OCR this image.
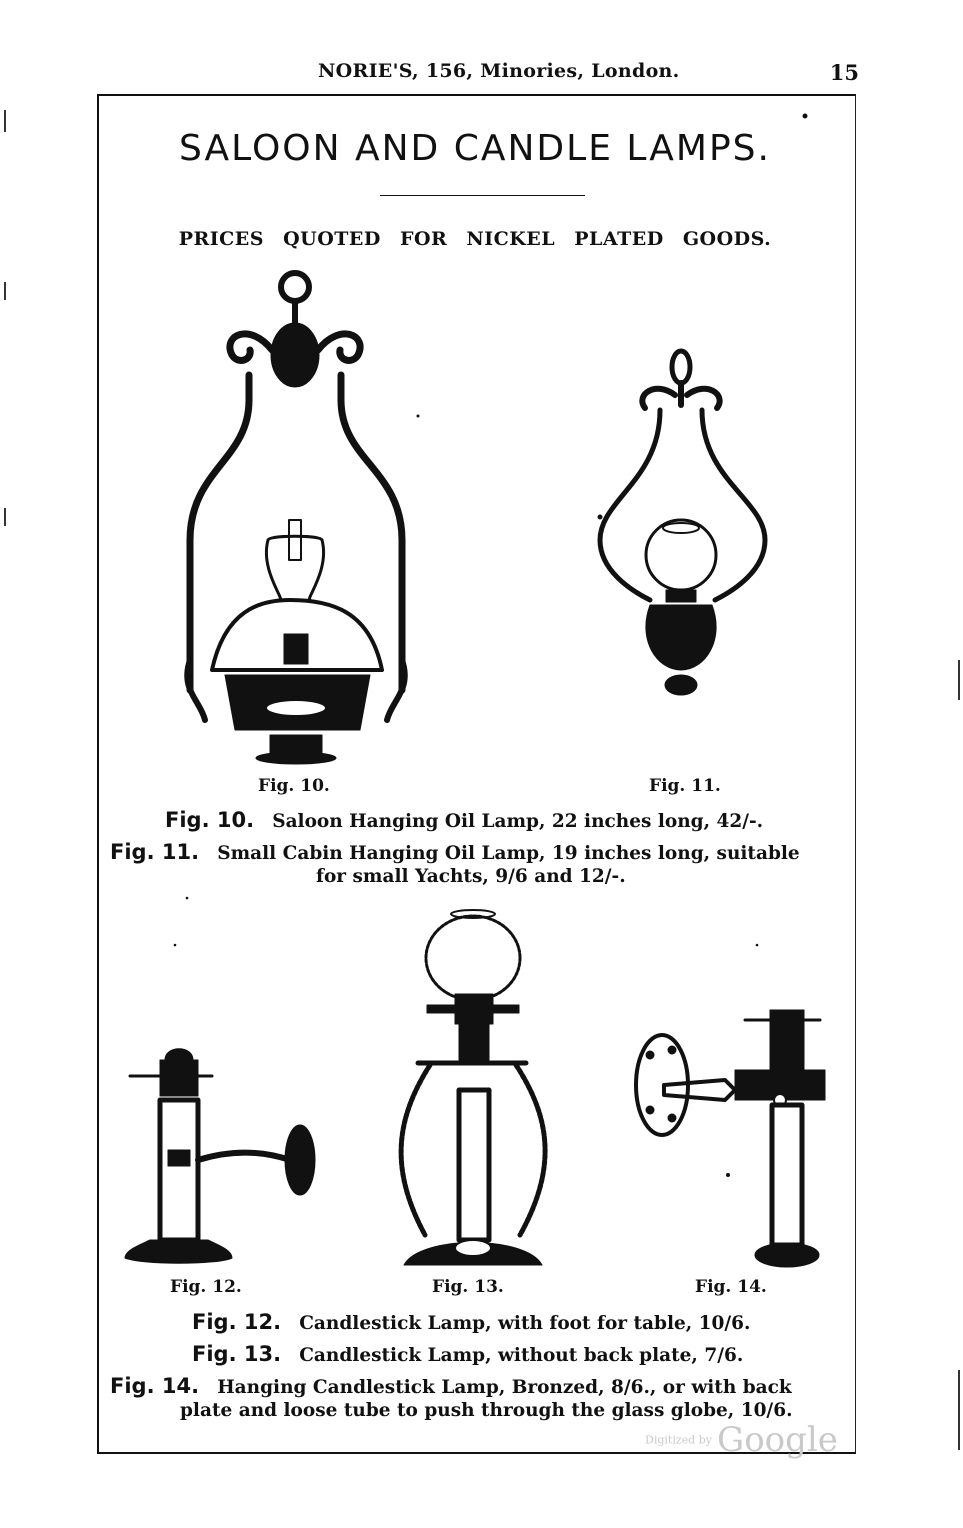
NORIE'S, 156, Minories, London.	15
SALOON AND CANDLE LAMPS.
PRICES QUOTED FOR NICKEL PLATED GOODS.
Fig. 10.	Fig. 11.
Fig. 12.	Fig. 13.	Fig. 14.
Fig. 10. Saloon Hanging Oil Lamp, 22 inches long, 42/-.
Fig. 11. Small Cabin Hanging Oil Lamp, 19 inches long, suitable
for small Yachts, 9/6 and 12/-.
Fig. 12. Candlestick Lamp, with foot for table, 10/6.
Fig. 13. Candlestick Lamp, without back plate, 7/6.
Fig. 14. Hanging Candlestick Lamp, Bronzed, 8/6., or with back
plate and loose tube to push through the glass globe, 10/6.
Digitized by Google
